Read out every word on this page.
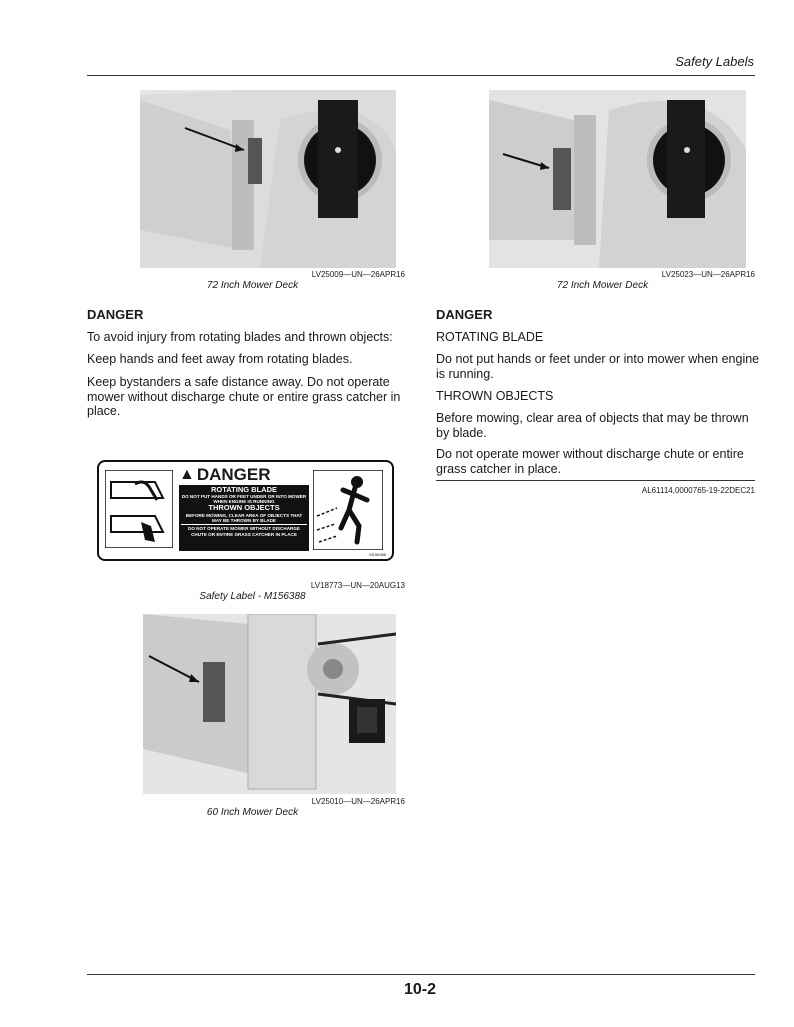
Safety Labels
LV25009—UN—26APR16
72 Inch Mower Deck
LV25023—UN—26APR16
72 Inch Mower Deck
DANGER
To avoid injury from rotating blades and thrown objects:
Keep hands and feet away from rotating blades.
Keep bystanders a safe distance away. Do not operate mower without discharge chute or entire grass catcher in place.
DANGER
ROTATING BLADE
Do not put hands or feet under or into mower when engine is running.
THROWN OBJECTS
Before mowing, clear area of objects that may be thrown by blade.
Do not operate mower without discharge chute or entire grass catcher in place.
AL61114,0000765-19-22DEC21
▲ DANGER
ROTATING BLADE
DO NOT PUT HANDS OR FEET UNDER OR INTO MOWER WHEN ENGINE IS RUNNING
THROWN OBJECTS
BEFORE MOWING, CLEAR AREA OF OBJECTS THAT MAY BE THROWN BY BLADE
DO NOT OPERATE MOWER WITHOUT DISCHARGE CHUTE OR ENTIRE GRASS CATCHER IN PLACE
M156388
LV18773—UN—20AUG13
Safety Label - M156388
LV25010—UN—26APR16
60 Inch Mower Deck
10-2
